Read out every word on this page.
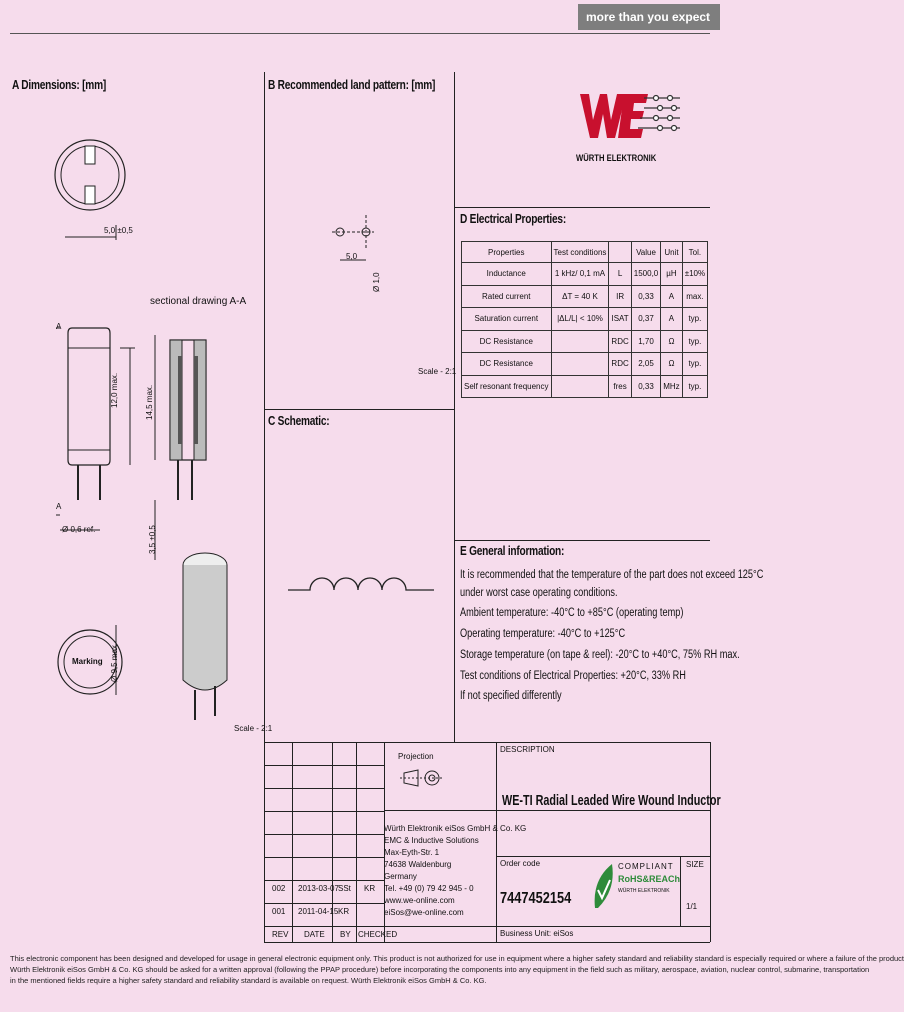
more than you expect
A Dimensions: [mm]	B Recommended land pattern: [mm]
C Schematic:
D Electrical Properties:
E General information:
WÜRTH ELEKTRONIK
5,0 ±0,5
sectional drawing A-A
A
A
12,0 max.	14,5 max.
Ø 0,6 ref.	3,5 ±0,5
Ø 9,5 max.
Marking
Scale - 2:1
5,0
Ø 1,0
Scale - 2:1
Properties	Test conditions		Value	Unit	Tol.
Inductance	1 kHz/ 0,1 mA	L	1500,0	µH	±10%
Rated current	ΔT = 40 K	IR	0,33	A	max.
Saturation current	|ΔL/L| < 10%	ISAT	0,37	A	typ.
DC Resistance		RDC	1,70	Ω	typ.
DC Resistance		RDC	2,05	Ω	typ.
Self resonant frequency		fres	0,33	MHz	typ.
It is recommended that the temperature of the part does not exceed 125°C
under worst case operating conditions.
Ambient temperature: -40°C to +85°C (operating temp)
Operating temperature: -40°C to +125°C
Storage temperature (on tape & reel): -20°C to +40°C, 75% RH max.
Test conditions of Electrical Properties: +20°C, 33% RH
If not specified differently
Projection
DESCRIPTION
WE-TI Radial Leaded Wire Wound Inductor
Order code
7447452154
SIZE
1/1
Business Unit: eiSos
COMPLIANT
RoHS&REACh
WÜRTH ELEKTRONIK
Würth Elektronik eiSos GmbH & Co. KG
EMC & Inductive Solutions
Max-Eyth-Str. 1
74638 Waldenburg
Germany
Tel. +49 (0) 79 42 945 - 0
www.we-online.com
eiSos@we-online.com
002 2013-03-07 SSt KR
001 2011-04-15 KR
REV DATE BY CHECKED
This electronic component has been designed and developed for usage in general electronic equipment only. This product is not authorized for use in equipment where a higher safety standard and reliability standard is especially required or where a failure of the product
Würth Elektronik eiSos GmbH & Co. KG should be asked for a written approval (following the PPAP procedure) before incorporating the components into any equipment in the field such as military, aerospace, aviation, nuclear control, submarine, transportation
in the mentioned fields require a higher safety standard and reliability standard is available on request. Würth Elektronik eiSos GmbH & Co. KG.
